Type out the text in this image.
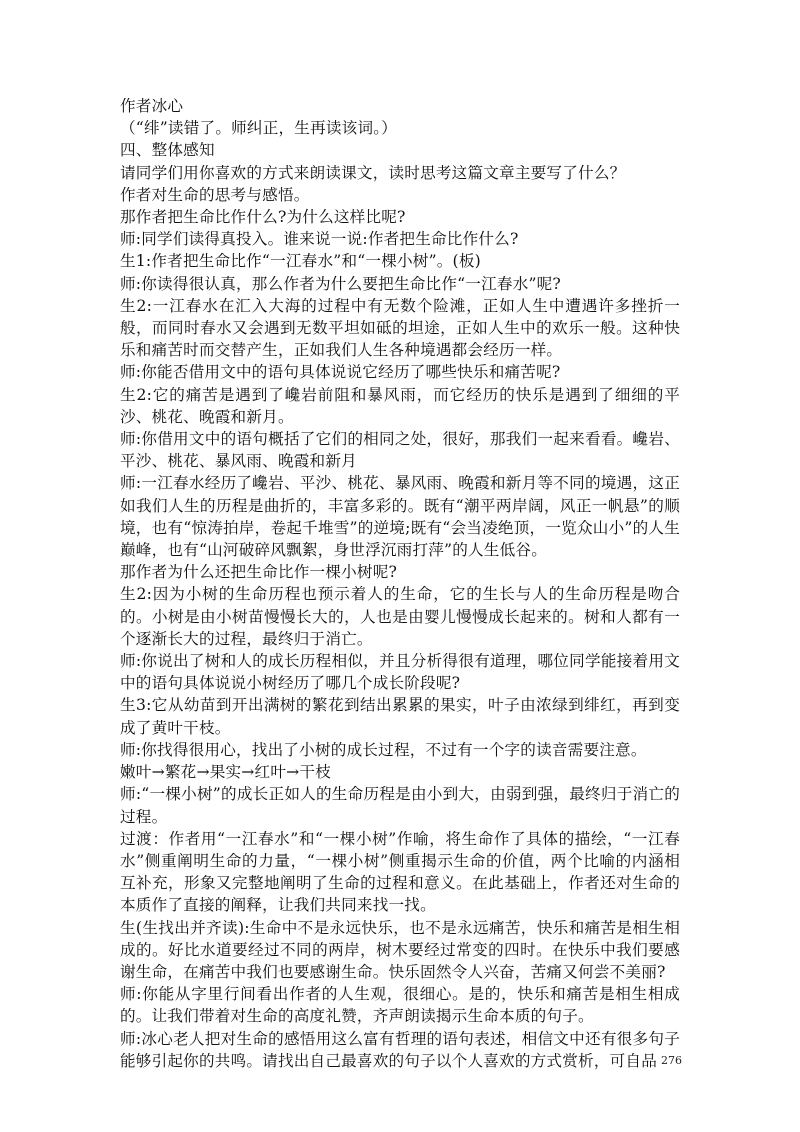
作者冰心

（“绯”读错了。师纠正，生再读该词。）

四、整体感知

请同学们用你喜欢的方式来朗读课文，读时思考这篇文章主要写了什么？

作者对生命的思考与感悟。

那作者把生命比作什么?为什么这样比呢?

师:同学们读得真投入。谁来说一说:作者把生命比作什么?

生1:作者把生命比作“一江春水”和“一棵小树”。(板)

师:你读得很认真，那么作者为什么要把生命比作“一江春水”呢?

生2:一江春水在汇入大海的过程中有无数个险滩，正如人生中遭遇许多挫折一般，而同时春水又会遇到无数平坦如砥的坦途，正如人生中的欢乐一般。这种快乐和痛苦时而交替产生，正如我们人生各种境遇都会经历一样。

师:你能否借用文中的语句具体说说它经历了哪些快乐和痛苦呢?

生2:它的痛苦是遇到了巉岩前阻和暴风雨，而它经历的快乐是遇到了细细的平沙、桃花、晚霞和新月。

师:你借用文中的语句概括了它们的相同之处，很好，那我们一起来看看。巉岩、平沙、桃花、暴风雨、晚霞和新月

师:一江春水经历了巉岩、平沙、桃花、暴风雨、晚霞和新月等不同的境遇，这正如我们人生的历程是曲折的，丰富多彩的。既有“潮平两岸阔，风正一帆悬”的顺境，也有“惊涛拍岸，卷起千堆雪”的逆境;既有“会当凌绝顶，一览众山小”的人生巅峰，也有“山河破碎风飘絮，身世浮沉雨打萍”的人生低谷。

那作者为什么还把生命比作一棵小树呢?

生2:因为小树的生命历程也预示着人的生命，它的生长与人的生命历程是吻合的。小树是由小树苗慢慢长大的，人也是由婴儿慢慢成长起来的。树和人都有一个逐渐长大的过程，最终归于消亡。

师:你说出了树和人的成长历程相似，并且分析得很有道理，哪位同学能接着用文中的语句具体说说小树经历了哪几个成长阶段呢?

生3:它从幼苗到开出满树的繁花到结出累累的果实，叶子由浓绿到绯红，再到变成了黄叶干枝。

师:你找得很用心，找出了小树的成长过程，不过有一个字的读音需要注意。

嫩叶→繁花→果实→红叶→干枝

师:“一棵小树”的成长正如人的生命历程是由小到大，由弱到强，最终归于消亡的过程。

过渡：作者用“一江春水”和“一棵小树”作喻，将生命作了具体的描绘，“一江春水”侧重阐明生命的力量，“一棵小树”侧重揭示生命的价值，两个比喻的内涵相互补充，形象又完整地阐明了生命的过程和意义。在此基础上，作者还对生命的本质作了直接的阐释，让我们共同来找一找。

生(生找出并齐读):生命中不是永远快乐，也不是永远痛苦，快乐和痛苦是相生相成的。好比水道要经过不同的两岸，树木要经过常变的四时。在快乐中我们要感谢生命，在痛苦中我们也要感谢生命。快乐固然令人兴奋，苦痛又何尝不美丽?

师:你能从字里行间看出作者的人生观，很细心。是的，快乐和痛苦是相生相成的。让我们带着对生命的高度礼赞，齐声朗读揭示生命本质的句子。

师:冰心老人把对生命的感悟用这么富有哲理的语句表述，相信文中还有很多句子能够引起你的共鸣。请找出自己最喜欢的句子以个人喜欢的方式赏析，可自品 276
